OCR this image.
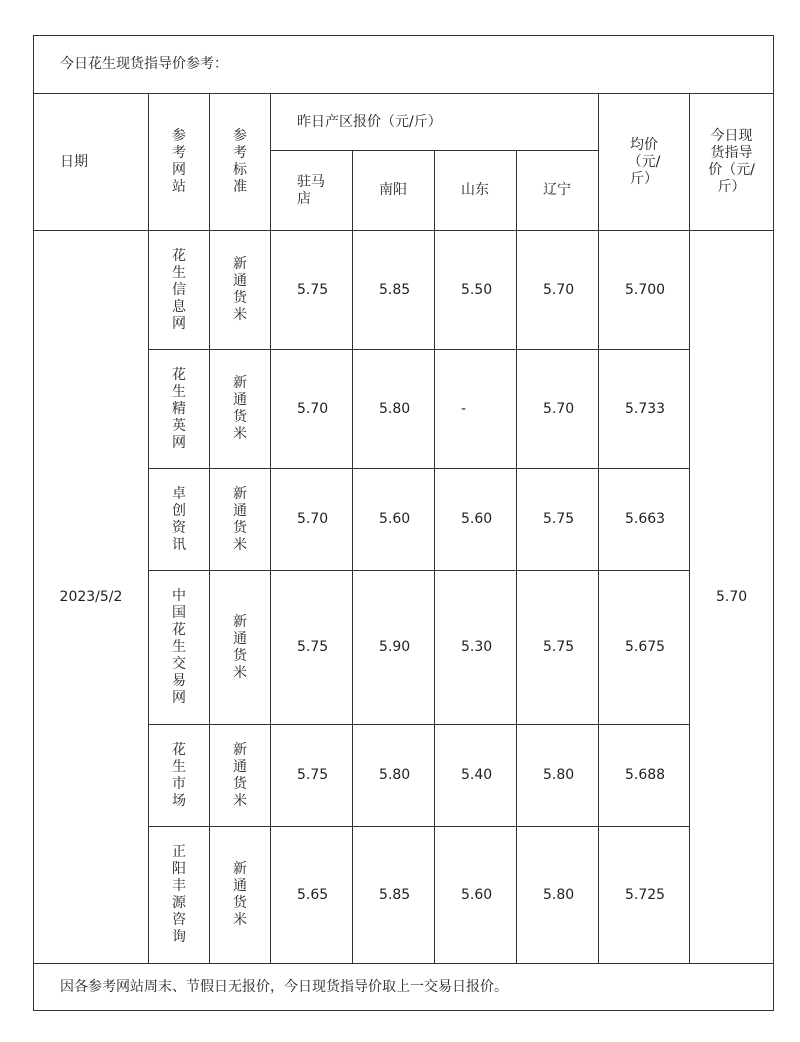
今日花生现货指导价参考：								
日期	参考网站	参考标准	昨日产区报价（元/斤）				均价（元/斤）	今日现货指导价（元/斤）

			驻马店	南阳	山东	辽宁		
2023/5/2	花生信息网	新通货米	5.75	5.85	5.50	5.70	5.700	5.70

	花生精英网	新通货米	5.70	5.80	-	5.70	5.733	

	卓创资讯	新通货米	5.70	5.60	5.60	5.75	5.663	

	中国花生交易网	新通货米	5.75	5.90	5.30	5.75	5.675	

	花生市场	新通货米	5.75	5.80	5.40	5.80	5.688	

	正阳丰源咨询	新通货米	5.65	5.85	5.60	5.80	5.725	
因各参考网站周末、节假日无报价，今日现货指导价取上一交易日报价。								
